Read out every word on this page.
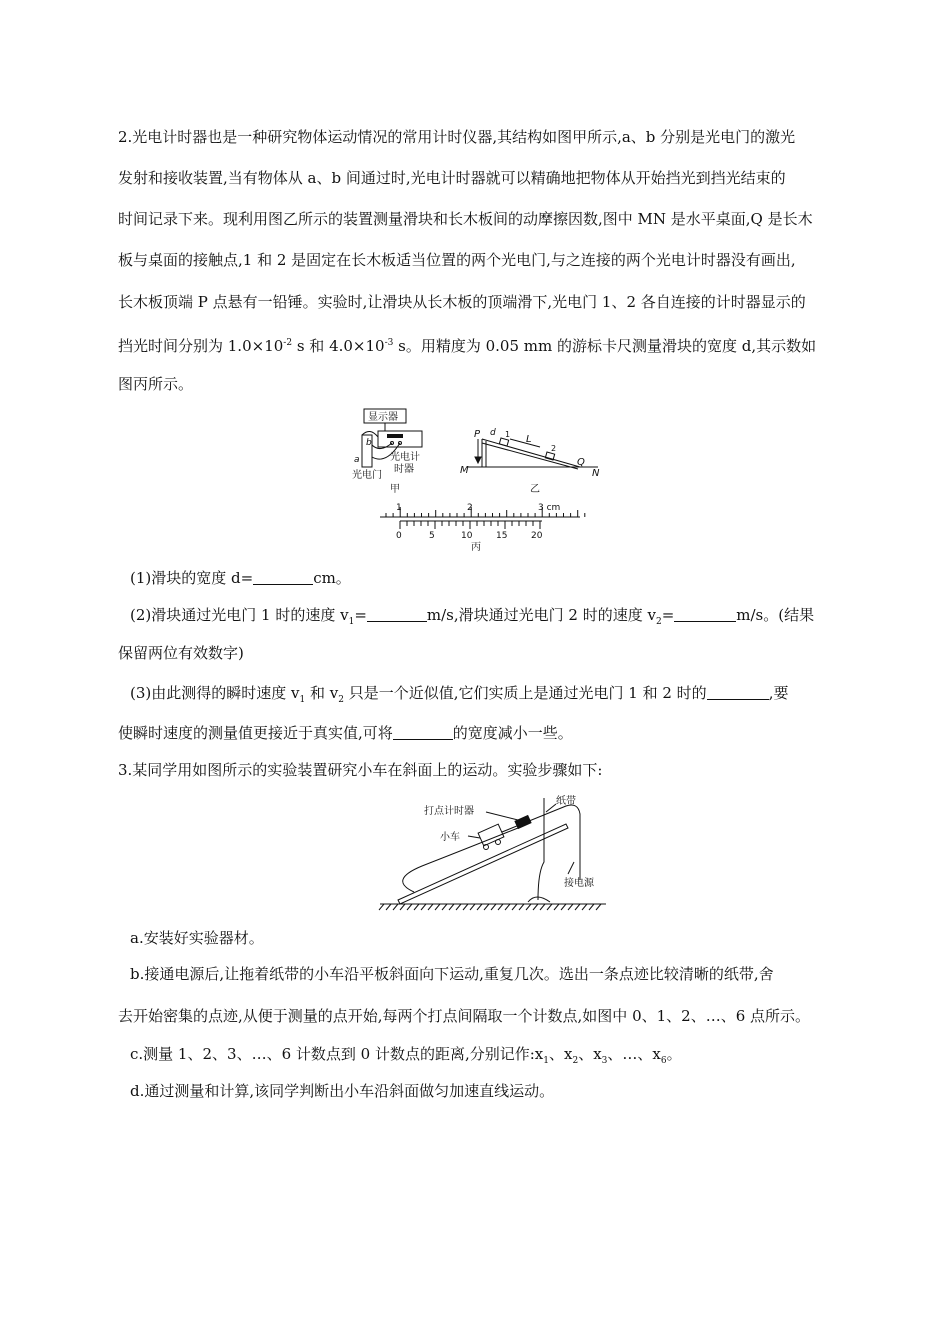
2.光电计时器也是一种研究物体运动情况的常用计时仪器,其结构如图甲所示,a、b 分别是光电门的激光
发射和接收装置,当有物体从 a、b 间通过时,光电计时器就可以精确地把物体从开始挡光到挡光结束的
时间记录下来。现利用图乙所示的装置测量滑块和长木板间的动摩擦因数,图中 MN 是水平桌面,Q 是长木
板与桌面的接触点,1 和 2 是固定在长木板适当位置的两个光电门,与之连接的两个光电计时器没有画出,
长木板顶端 P 点悬有一铅锤。实验时,让滑块从长木板的顶端滑下,光电门 1、2 各自连接的计时器显示的
挡光时间分别为 $1.0\times 10^{-2}$ s 和 $4.0\times 10^{-3}$ s。用精度为 0.05 mm 的游标卡尺测量滑块的宽度 d,其示数如
图丙所示。
显示器
a
b
光电计
时器
光电门
甲
P d
L
M
Q
N
1
2
乙
1	2	3 cm
0	5	10	15	20
丙
(1)滑块的宽度 d=	cm。
(2)滑块通过光电门 1 时的速度 $v_1=$	m/s,滑块通过光电门 2 时的速度 $v_2=$	m/s。(结果
保留两位有效数字)
(3)由此测得的瞬时速度 $v_1$ 和 $v_2$ 只是一个近似值,它们实质上是通过光电门 1 和 2 时的	,要
使瞬时速度的测量值更接近于真实值,可将	的宽度减小一些。
3.某同学用如图所示的实验装置研究小车在斜面上的运动。实验步骤如下:
打点计时器
纸带
小车
接电源
a.安装好实验器材。
b.接通电源后,让拖着纸带的小车沿平板斜面向下运动,重复几次。选出一条点迹比较清晰的纸带,舍
去开始密集的点迹,从便于测量的点开始,每两个打点间隔取一个计数点,如图中 0、1、2、…、6 点所示。
c.测量 1、2、3、…、6 计数点到 0 计数点的距离,分别记作$:x_1$、$x_2$、$x_3$、…、$x_6$。
d.通过测量和计算,该同学判断出小车沿斜面做匀加速直线运动。
